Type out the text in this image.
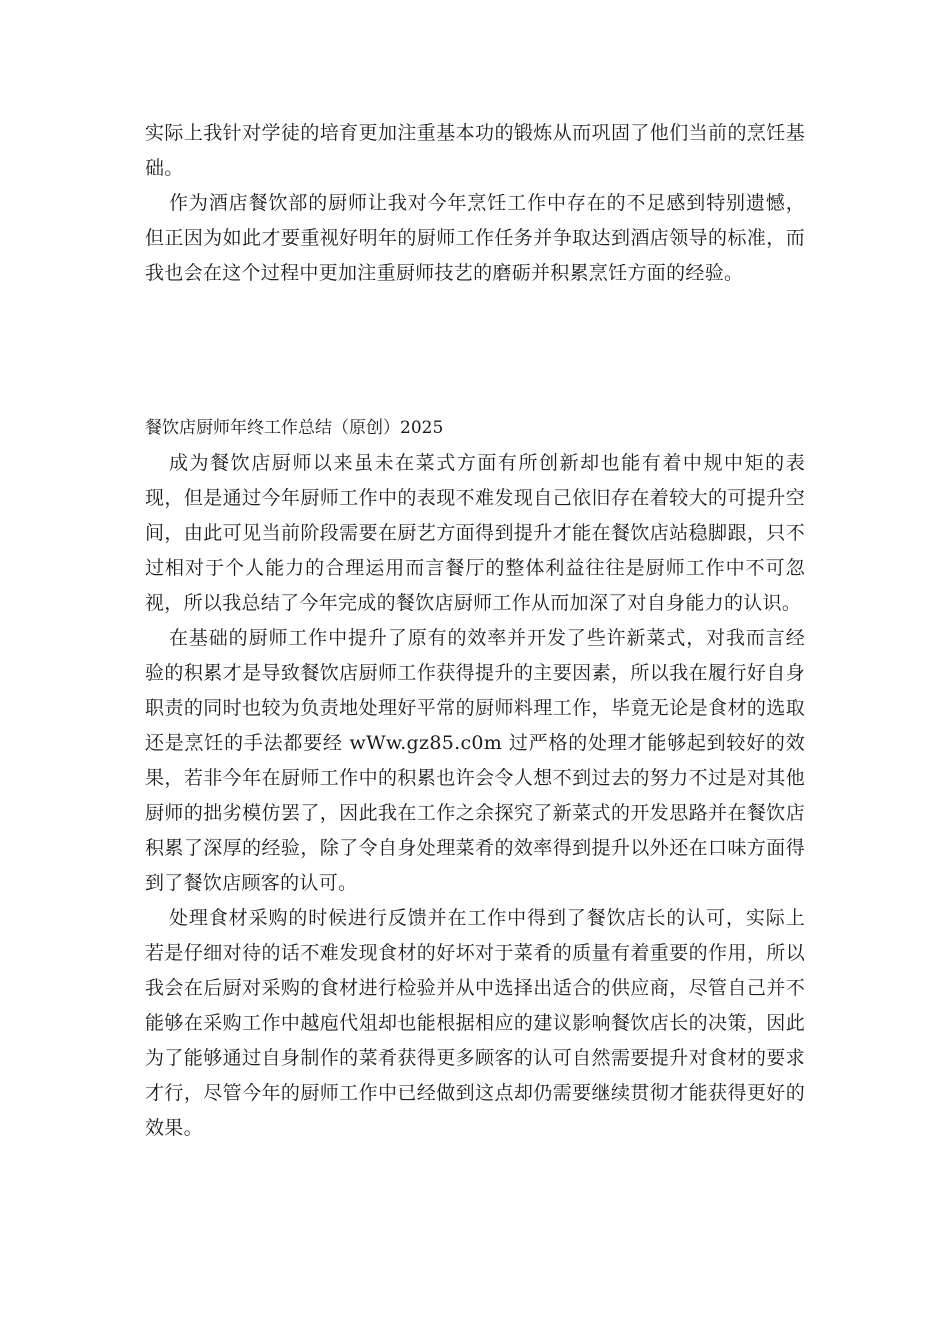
实际上我针对学徒的培育更加注重基本功的锻炼从而巩固了他们当前的烹饪基础。

作为酒店餐饮部的厨师让我对今年烹饪工作中存在的不足感到特别遗憾，但正因为如此才要重视好明年的厨师工作任务并争取达到酒店领导的标准，而我也会在这个过程中更加注重厨师技艺的磨砺并积累烹饪方面的经验。

餐饮店厨师年终工作总结（原创）2025

成为餐饮店厨师以来虽未在菜式方面有所创新却也能有着中规中矩的表现，但是通过今年厨师工作中的表现不难发现自己依旧存在着较大的可提升空间，由此可见当前阶段需要在厨艺方面得到提升才能在餐饮店站稳脚跟，只不过相对于个人能力的合理运用而言餐厅的整体利益往往是厨师工作中不可忽视，所以我总结了今年完成的餐饮店厨师工作从而加深了对自身能力的认识。

在基础的厨师工作中提升了原有的效率并开发了些许新菜式，对我而言经验的积累才是导致餐饮店厨师工作获得提升的主要因素，所以我在履行好自身职责的同时也较为负责地处理好平常的厨师料理工作，毕竟无论是食材的选取还是烹饪的手法都要经 wWw.gz85.c0m 过严格的处理才能够起到较好的效果，若非今年在厨师工作中的积累也许会令人想不到过去的努力不过是对其他厨师的拙劣模仿罢了，因此我在工作之余探究了新菜式的开发思路并在餐饮店积累了深厚的经验，除了令自身处理菜肴的效率得到提升以外还在口味方面得到了餐饮店顾客的认可。

处理食材采购的时候进行反馈并在工作中得到了餐饮店长的认可，实际上若是仔细对待的话不难发现食材的好坏对于菜肴的质量有着重要的作用，所以我会在后厨对采购的食材进行检验并从中选择出适合的供应商，尽管自己并不能够在采购工作中越庖代俎却也能根据相应的建议影响餐饮店长的决策，因此为了能够通过自身制作的菜肴获得更多顾客的认可自然需要提升对食材的要求才行，尽管今年的厨师工作中已经做到这点却仍需要继续贯彻才能获得更好的效果。
